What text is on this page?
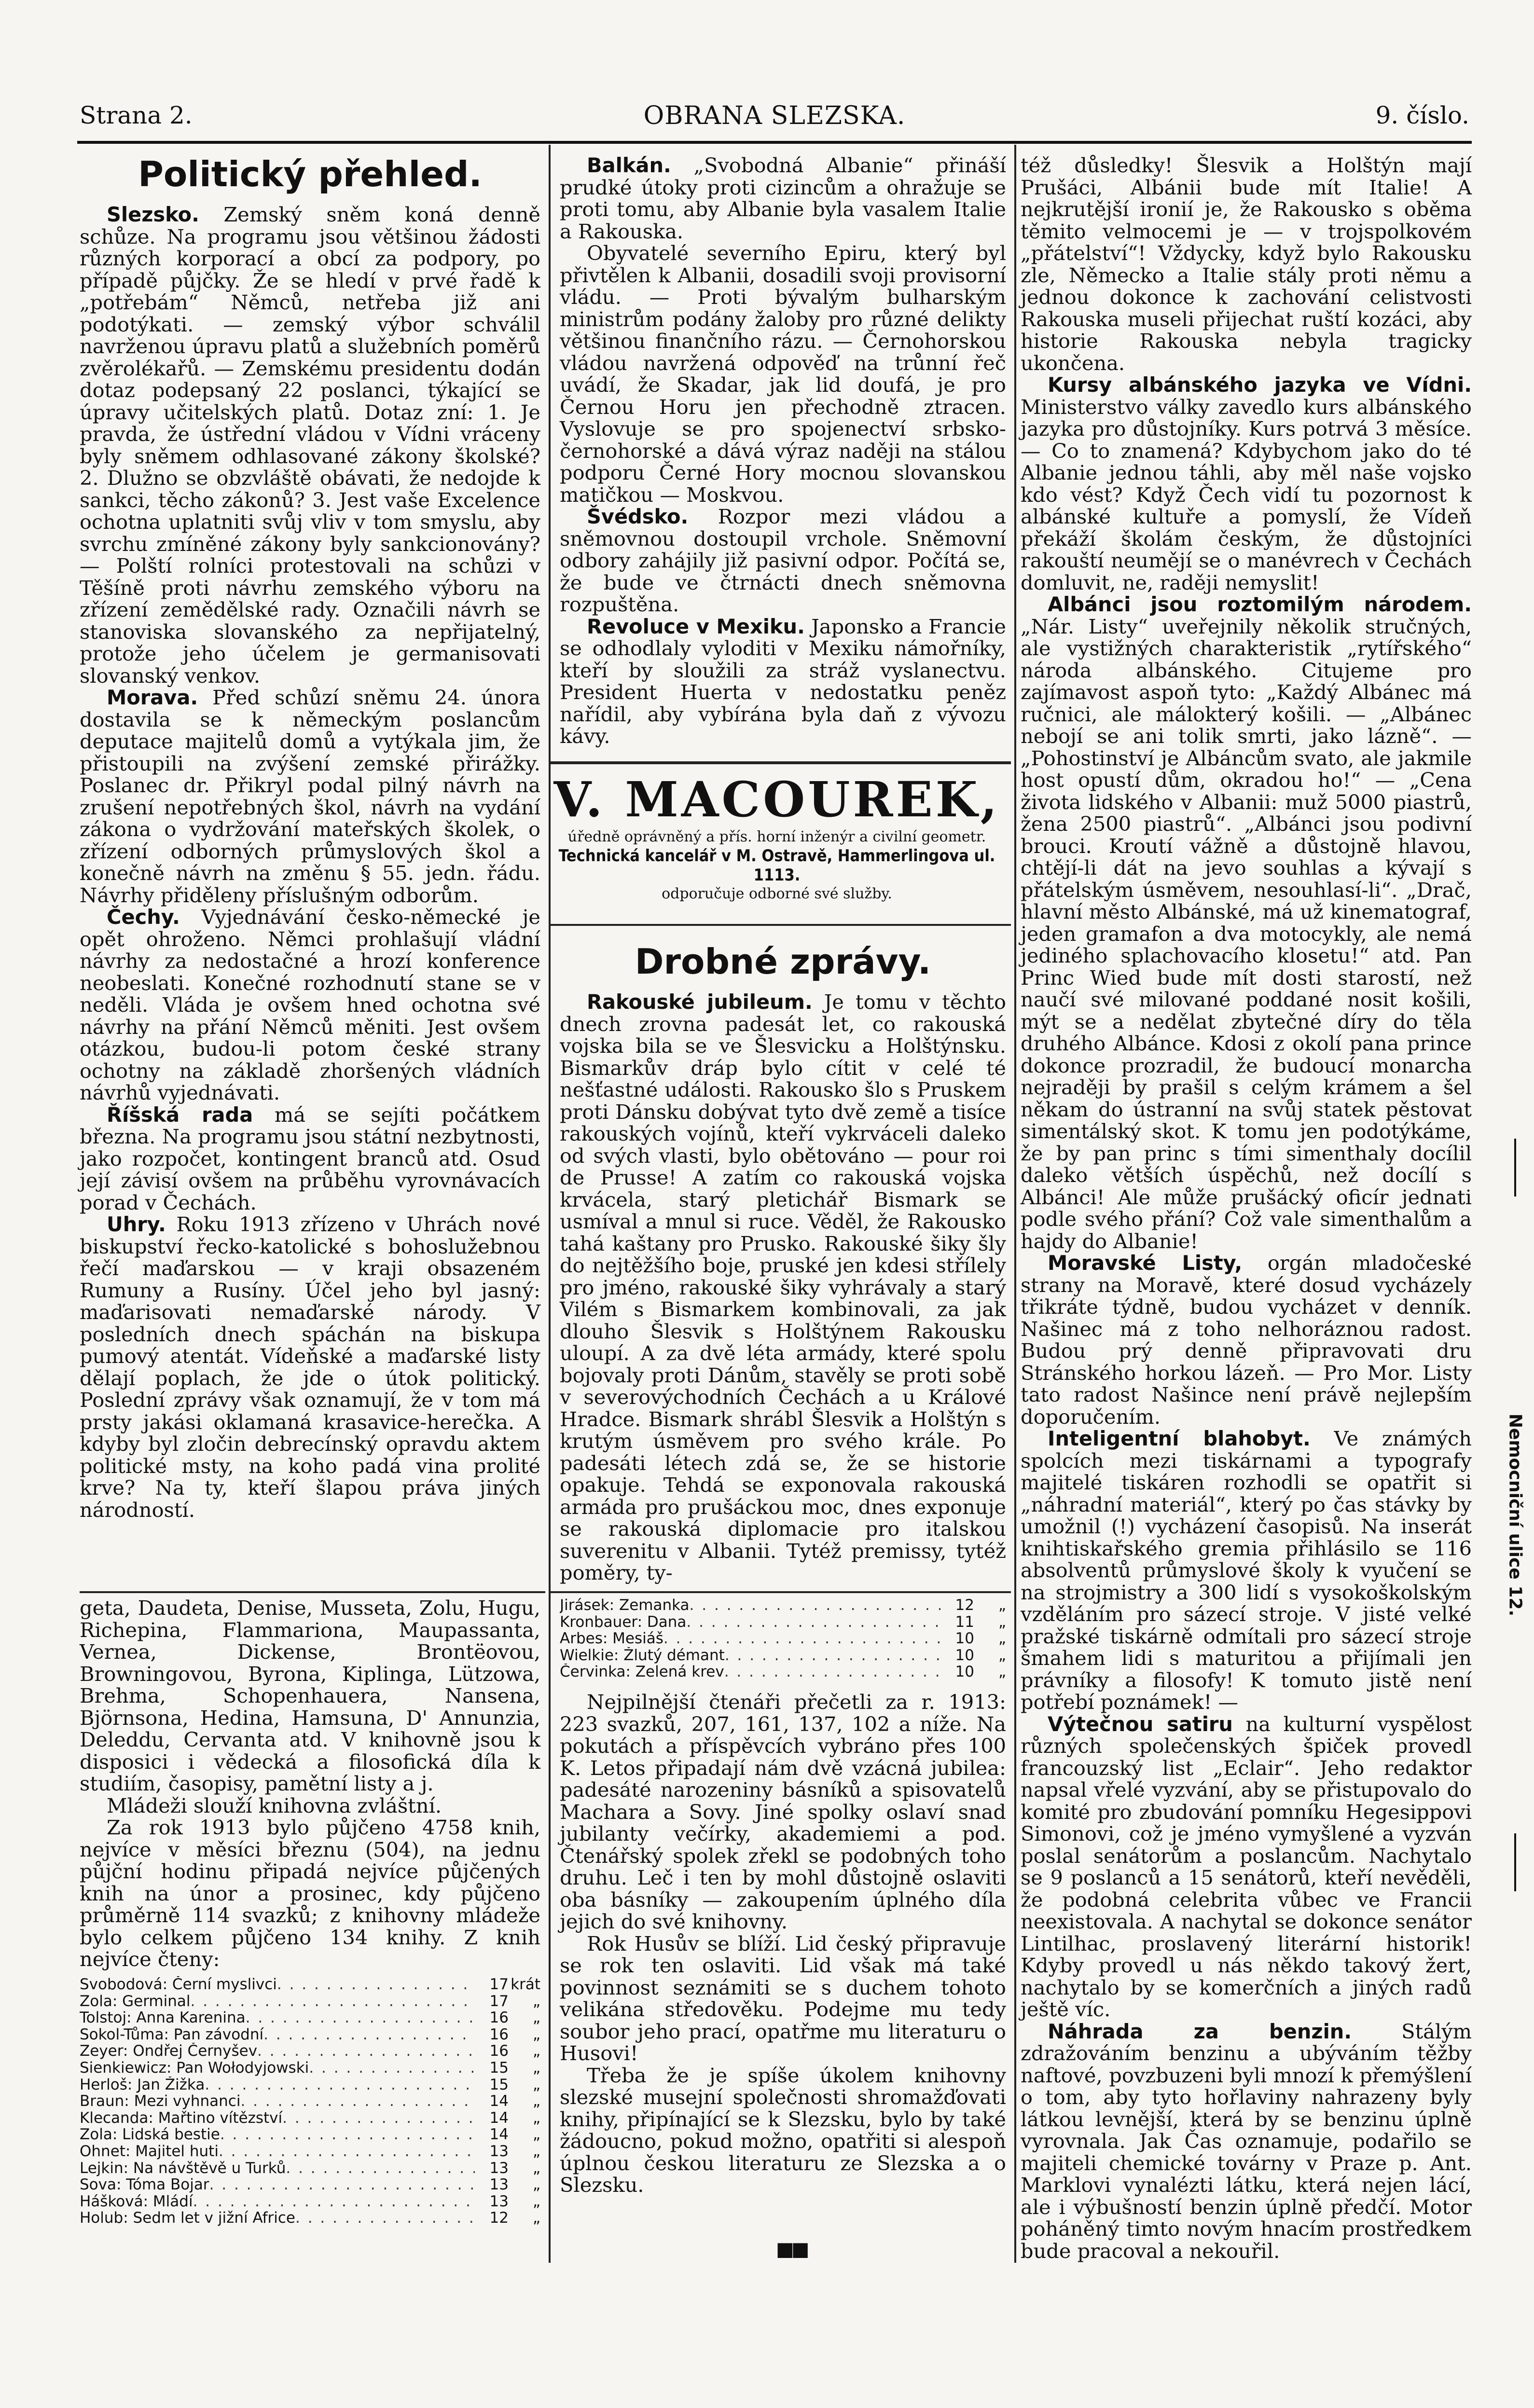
Strana 2.	OBRANA SLEZSKA.	9. číslo.
Politický přehled.

Slezsko. Zemský sněm koná denně schůze. Na programu jsou většinou žádosti různých korporací a obcí za podpory, po případě půjčky. Že se hledí v prvé řadě k „potřebám“ Němců, netřeba již ani podotýkati. — zemský výbor schválil navrženou úpravu platů a služebních poměrů zvěrolékařů. — Zemskému presidentu dodán dotaz podepsaný 22 poslanci, týkající se úpravy učitelských platů. Dotaz zní: 1. Je pravda, že ústřední vládou v Vídni vráceny byly sněmem odhlasované zákony školské? 2. Dlužno se obzvláště obávati, že nedojde k sankci, těcho zákonů? 3. Jest vaše Excelence ochotna uplatniti svůj vliv v tom smyslu, aby svrchu zmíněné zákony byly sankcionovány? — Polští rolníci protestovali na schůzi v Těšíně proti návrhu zemského výboru na zřízení zemědělské rady. Označili návrh se stanoviska slovanského za nepřijatelný, protože jeho účelem je germanisovati slovanský venkov.

Morava. Před schůzí sněmu 24. února dostavila se k německým poslancům deputace majitelů domů a vytýkala jim, že přistoupili na zvýšení zemské přirážky. Poslanec dr. Přikryl podal pilný návrh na zrušení nepotřebných škol, návrh na vydání zákona o vydržování mateřských školek, o zřízení odborných průmyslových škol a konečně návrh na změnu § 55. jedn. řádu. Návrhy přiděleny příslušným odborům.

Čechy. Vyjednávání česko-německé je opět ohroženo. Němci prohlašují vládní návrhy za nedostačné a hrozí konference neobeslati. Konečné rozhodnutí stane se v neděli. Vláda je ovšem hned ochotna své návrhy na přání Němců měniti. Jest ovšem otázkou, budou-li potom české strany ochotny na základě zhoršených vládních návrhů vyjednávati.

Říšská rada má se sejíti počátkem března. Na programu jsou státní nezbytnosti, jako rozpočet, kontingent branců atd. Osud její závisí ovšem na průběhu vyrovnávacích porad v Čechách.

Uhry. Roku 1913 zřízeno v Uhrách nové biskupství řecko-katolické s bohoslužebnou řečí maďarskou — v kraji obsazeném Rumuny a Rusíny. Účel jeho byl jasný: maďarisovati nemaďarské národy. V posledních dnech spáchán na biskupa pumový atentát. Vídeňské a maďarské listy dělají poplach, že jde o útok politický. Poslední zprávy však oznamují, že v tom má prsty jakási oklamaná krasavice-herečka. A kdyby byl zločin debrecínský opravdu aktem politické msty, na koho padá vina prolité krve? Na ty, kteří šlapou práva jiných národností.

geta, Daudeta, Denise, Musseta, Zolu, Hugu, Richepina, Flammariona, Maupassanta, Vernea, Dickense, Brontëovou, Browningovou, Byrona, Kiplinga, Lützowa, Brehma, Schopenhauera, Nansena, Björnsona, Hedina, Hamsuna, D' Annunzia, Deleddu, Cervanta atd. V knihovně jsou k disposici i vědecká a filosofická díla k studiím, časopisy, pamětní listy a j.

Mládeži slouží knihovna zvláštní.

Za rok 1913 bylo půjčeno 4758 knih, nejvíce v měsíci březnu (504), na jednu půjční hodinu připadá nejvíce půjčených knih na únor a prosinec, kdy půjčeno průměrně 114 svazků; z knihovny mládeže bylo celkem půjčeno 134 knihy. Z knih nejvíce čteny:

Svobodová: Černí myslivci . . .	17 krát
Zola: Germinal . . .	17	„
Tolstoj: Anna Karenina . . .	16	„
Sokol-Tůma: Pan závodní . . .	16	„
Zeyer: Ondřej Černyšev . . .	16	„
Sienkiewicz: Pan Wołodyjowski . . .	15	„
Herloš: Jan Žižka . . .	15	„
Braun: Mezi vyhnanci . . .	14	„
Klecanda: Mařtino vítězství . . .	14	„
Zola: Lidská bestie . . .	14	„
Ohnet: Majitel huti . . .	13	„
Lejkin: Na návštěvě u Turků . . .	13	„
Sova: Tóma Bojar . . .	13	„
Hášková: Mládí . . .	13	„
Holub: Sedm let v jižní Africe . . .	12	„

Balkán. „Svobodná Albanie“ přináší prudké útoky proti cizincům a ohražuje se proti tomu, aby Albanie byla vasalem Italie a Rakouska.

Obyvatelé severního Epiru, který byl přivtělen k Albanii, dosadili svoji provisorní vládu. — Proti bývalým bulharským ministrům podány žaloby pro různé delikty většinou finančního rázu. — Černohorskou vládou navržená odpověď na trůnní řeč uvádí, že Skadar, jak lid doufá, je pro Černou Horu jen přechodně ztracen. Vyslovuje se pro spojenectví srbsko-černohorské a dává výraz naději na stálou podporu Černé Hory mocnou slovanskou matičkou — Moskvou.

Švédsko. Rozpor mezi vládou a sněmovnou dostoupil vrchole. Sněmovní odbory zahájily již pasivní odpor. Počítá se, že bude ve čtrnácti dnech sněmovna rozpuštěna.

Revoluce v Mexiku. Japonsko a Francie se odhodlaly vyloditi v Mexiku námořníky, kteří by sloužili za stráž vyslanectvu. President Huerta v nedostatku peněz nařídil, aby vybírána byla daň z vývozu kávy.

V. MACOUREK,
úředně oprávněný a přís. horní inženýr a civilní geometr.
Technická kancelář v M. Ostravě, Hammerlingova ul. 1113.
odporučuje odborné své služby.
Drobné zprávy.

Rakouské jubileum. Je tomu v těchto dnech zrovna padesát let, co rakouská vojska bila se ve Šlesvicku a Holštýnsku. Bismarkův dráp bylo cítit v celé té nešťastné události. Rakousko šlo s Pruskem proti Dánsku dobývat tyto dvě země a tisíce rakouských vojínů, kteří vykrváceli daleko od svých vlasti, bylo obětováno — pour roi de Prusse! A zatím co rakouská vojska krvácela, starý pletichář Bismark se usmíval a mnul si ruce. Věděl, že Rakousko tahá kaštany pro Prusko. Rakouské šiky šly do nejtěžšího boje, pruské jen kdesi střílely pro jméno, rakouské šiky vyhrávaly a starý Vilém s Bismarkem kombinovali, za jak dlouho Šlesvik s Holštýnem Rakousku uloupí. A za dvě léta armády, které spolu bojovaly proti Dánům, stavěly se proti sobě v severovýchodních Čechách a u Králové Hradce. Bismark shrábl Šlesvik a Holštýn s krutým úsměvem pro svého krále. Po padesáti létech zdá se, že se historie opakuje. Tehdá se exponovala rakouská armáda pro prušáckou moc, dnes exponuje se rakouská diplomacie pro italskou suverenitu v Albanii. Tytéž premissy, tytéž poměry, ty-

Jirásek: Zemanka . . .	12	„
Kronbauer: Dana . . .	11	„
Arbes: Mesiáš . . .	10	„
Wielkie: Žlutý démant . . .	10	„
Červinka: Zelená krev . . .	10	„

Nejpilnější čtenáři přečetli za r. 1913: 223 svazků, 207, 161, 137, 102 a níže. Na pokutách a příspěvcích vybráno přes 100 K. Letos připadají nám dvě vzácná jubilea: padesáté narozeniny básníků a spisovatelů Machara a Sovy. Jiné spolky oslaví snad jubilanty večírky, akademiemi a pod. Čtenářský spolek zřekl se podobných toho druhu. Leč i ten by mohl důstojně oslaviti oba básníky — zakoupením úplného díla jejich do své knihovny.

Rok Husův se blíží. Lid český připravuje se rok ten oslaviti. Lid však má také povinnost seznámiti se s duchem tohoto velikána středověku. Podejme mu tedy soubor jeho prací, opatřme mu literaturu o Husovi!

Třeba že je spíše úkolem knihovny slezské musejní společnosti shromažďovati knihy, připínající se k Slezsku, bylo by také žádoucno, pokud možno, opatřiti si alespoň úplnou českou literaturu ze Slezska a o Slezsku.

■■

též důsledky! Šlesvik a Holštýn mají Prušáci, Albánii bude mít Italie! A nejkrutější ironií je, že Rakousko s oběma těmito velmocemi je — v trojspolkovém „přátelství“! Vždycky, když bylo Rakousku zle, Německo a Italie stály proti němu a jednou dokonce k zachování celistvosti Rakouska museli přijechat ruští kozáci, aby historie Rakouska nebyla tragicky ukončena.

Kursy albánského jazyka ve Vídni. Ministerstvo války zavedlo kurs albánského jazyka pro důstojníky. Kurs potrvá 3 měsíce. — Co to znamená? Kdybychom jako do té Albanie jednou táhli, aby měl naše vojsko kdo vést? Když Čech vidí tu pozornost k albánské kultuře a pomyslí, že Vídeň překáží školám českým, že důstojníci rakouští neumějí se o manévrech v Čechách domluvit, ne, raději nemyslit!

Albánci jsou roztomilým národem. „Nár. Listy“ uveřejnily několik stručných, ale vystižných charakteristik „rytířského“ národa albánského. Citujeme pro zajímavost aspoň tyto: „Každý Albánec má ručnici, ale málokterý košili. — „Albánec nebojí se ani tolik smrti, jako lázně“. — „Pohostinství je Albáncům svato, ale jakmile host opustí dům, okradou ho!“ — „Cena života lidského v Albanii: muž 5000 piastrů, žena 2500 piastrů“. „Albánci jsou podivní brouci. Kroutí vážně a důstojně hlavou, chtějí-li dát na jevo souhlas a kývají s přátelským úsměvem, nesouhlasí-li“. „Drač, hlavní město Albánské, má už kinematograf, jeden gramafon a dva motocykly, ale nemá jediného splachovacího klosetu!“ atd. Pan Princ Wied bude mít dosti starostí, než naučí své milované poddané nosit košili, mýt se a nedělat zbytečné díry do těla druhého Albánce. Kdosi z okolí pana prince dokonce prozradil, že budoucí monarcha nejraději by prašil s celým krámem a šel někam do ústranní na svůj statek pěstovat simentálský skot. K tomu jen podotýkáme, že by pan princ s tími simenthaly docílil daleko větších úspěchů, než docílí s Albánci! Ale může prušácký oficír jednati podle svého přání? Což vale simenthalům a hajdy do Albanie!

Moravské Listy, orgán mladočeské strany na Moravě, které dosud vycházely třikráte týdně, budou vycházet v denník. Našinec má z toho nelhoráznou radost. Budou prý denně připravovati dru Stránského horkou lázeň. — Pro Mor. Listy tato radost Našince není právě nejlepším doporučením.

Inteligentní blahobyt. Ve známých spolcích mezi tiskárnami a typografy majitelé tiskáren rozhodli se opatřit si „náhradní materiál“, který po čas stávky by umožnil (!) vycházení časopisů. Na inserát knihtiskařského gremia přihlásilo se 116 absolventů průmyslové školy k vyučení se na strojmistry a 300 lidí s vysokoškolským vzděláním pro sázecí stroje. V jisté velké pražské tiskárně odmítali pro sázecí stroje šmahem lidi s maturitou a přijímali jen právníky a filosofy! K tomuto jistě není potřebí poznámek! —

Výtečnou satiru na kulturní vyspělost různých společenských špiček provedl francouzský list „Eclair“. Jeho redaktor napsal vřelé vyzvání, aby se přistupovalo do komité pro zbudování pomníku Hegesippovi Simonovi, což je jméno vymyšlené a vyzván poslal senátorům a poslancům. Nachytalo se 9 poslanců a 15 senátorů, kteří nevěděli, že podobná celebrita vůbec ve Francii neexistovala. A nachytal se dokonce senátor Lintilhac, proslavený literární historik! Kdyby provedl u nás někdo takový žert, nachytalo by se komerčních a jiných radů ještě víc.

Náhrada za benzin. Stálým zdražováním benzinu a ubýváním těžby naftové, povzbuzeni byli mnozí k přemýšlení o tom, aby tyto hořlaviny nahrazeny byly látkou levnější, která by se benzinu úplně vyrovnala. Jak Čas oznamuje, podařilo se majiteli chemické továrny v Praze p. Ant. Marklovi vynalézti látku, která nejen lácí, ale i výbušností benzin úplně předčí. Motor poháněný timto novým hnacím prostředkem bude pracoval a nekouřil.

Nemocniční ulice 12.
